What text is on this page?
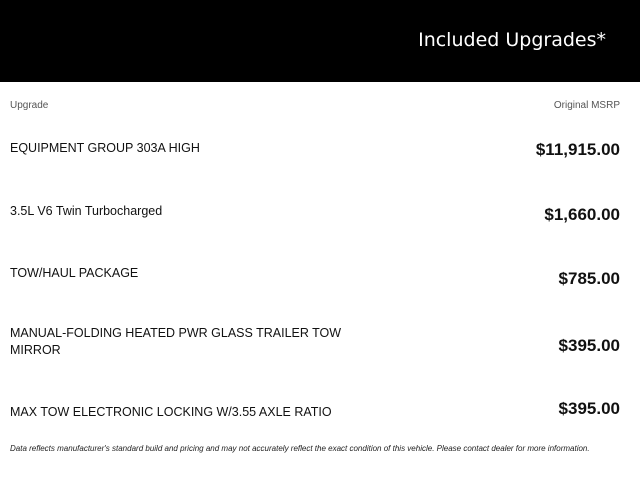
Included Upgrades*
Upgrade	Original MSRP
EQUIPMENT GROUP 303A HIGH	$11,915.00
3.5L V6 Twin Turbocharged	$1,660.00
TOW/HAUL PACKAGE	$785.00
MANUAL-FOLDING HEATED PWR GLASS TRAILER TOW MIRROR	$395.00
MAX TOW ELECTRONIC LOCKING W/3.55 AXLE RATIO	$395.00
Data reflects manufacturer's standard build and pricing and may not accurately reflect the exact condition of this vehicle. Please contact dealer for more information.
